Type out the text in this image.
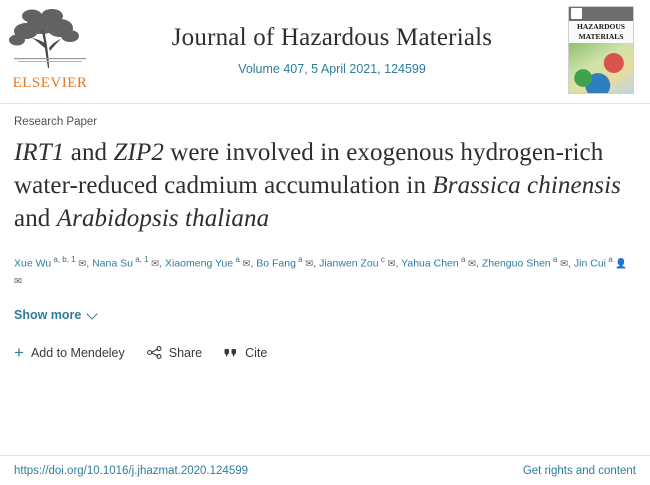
ELSEVIER
Journal of Hazardous Materials
Volume 407, 5 April 2021, 124599
HAZARDOUS
MATERIALS
Research Paper
IRT1 and ZIP2 were involved in exogenous hydrogen-rich water-reduced cadmium accumulation in Brassica chinensis and Arabidopsis thaliana
Xue Wu $^{a, b, 1}$ ✉, Nana Su $^{a, 1}$ ✉, Xiaomeng Yue $^a$ ✉, Bo Fang $^a$ ✉, Jianwen Zou $^c$ ✉, Yahua Chen $^a$ ✉, Zhenguo Shen $^a$ ✉, Jin Cui $^a$ 👤 ✉
Show more
+ Add to Mendeley	Share	Cite
https://doi.org/10.1016/j.jhazmat.2020.124599	Get rights and content
